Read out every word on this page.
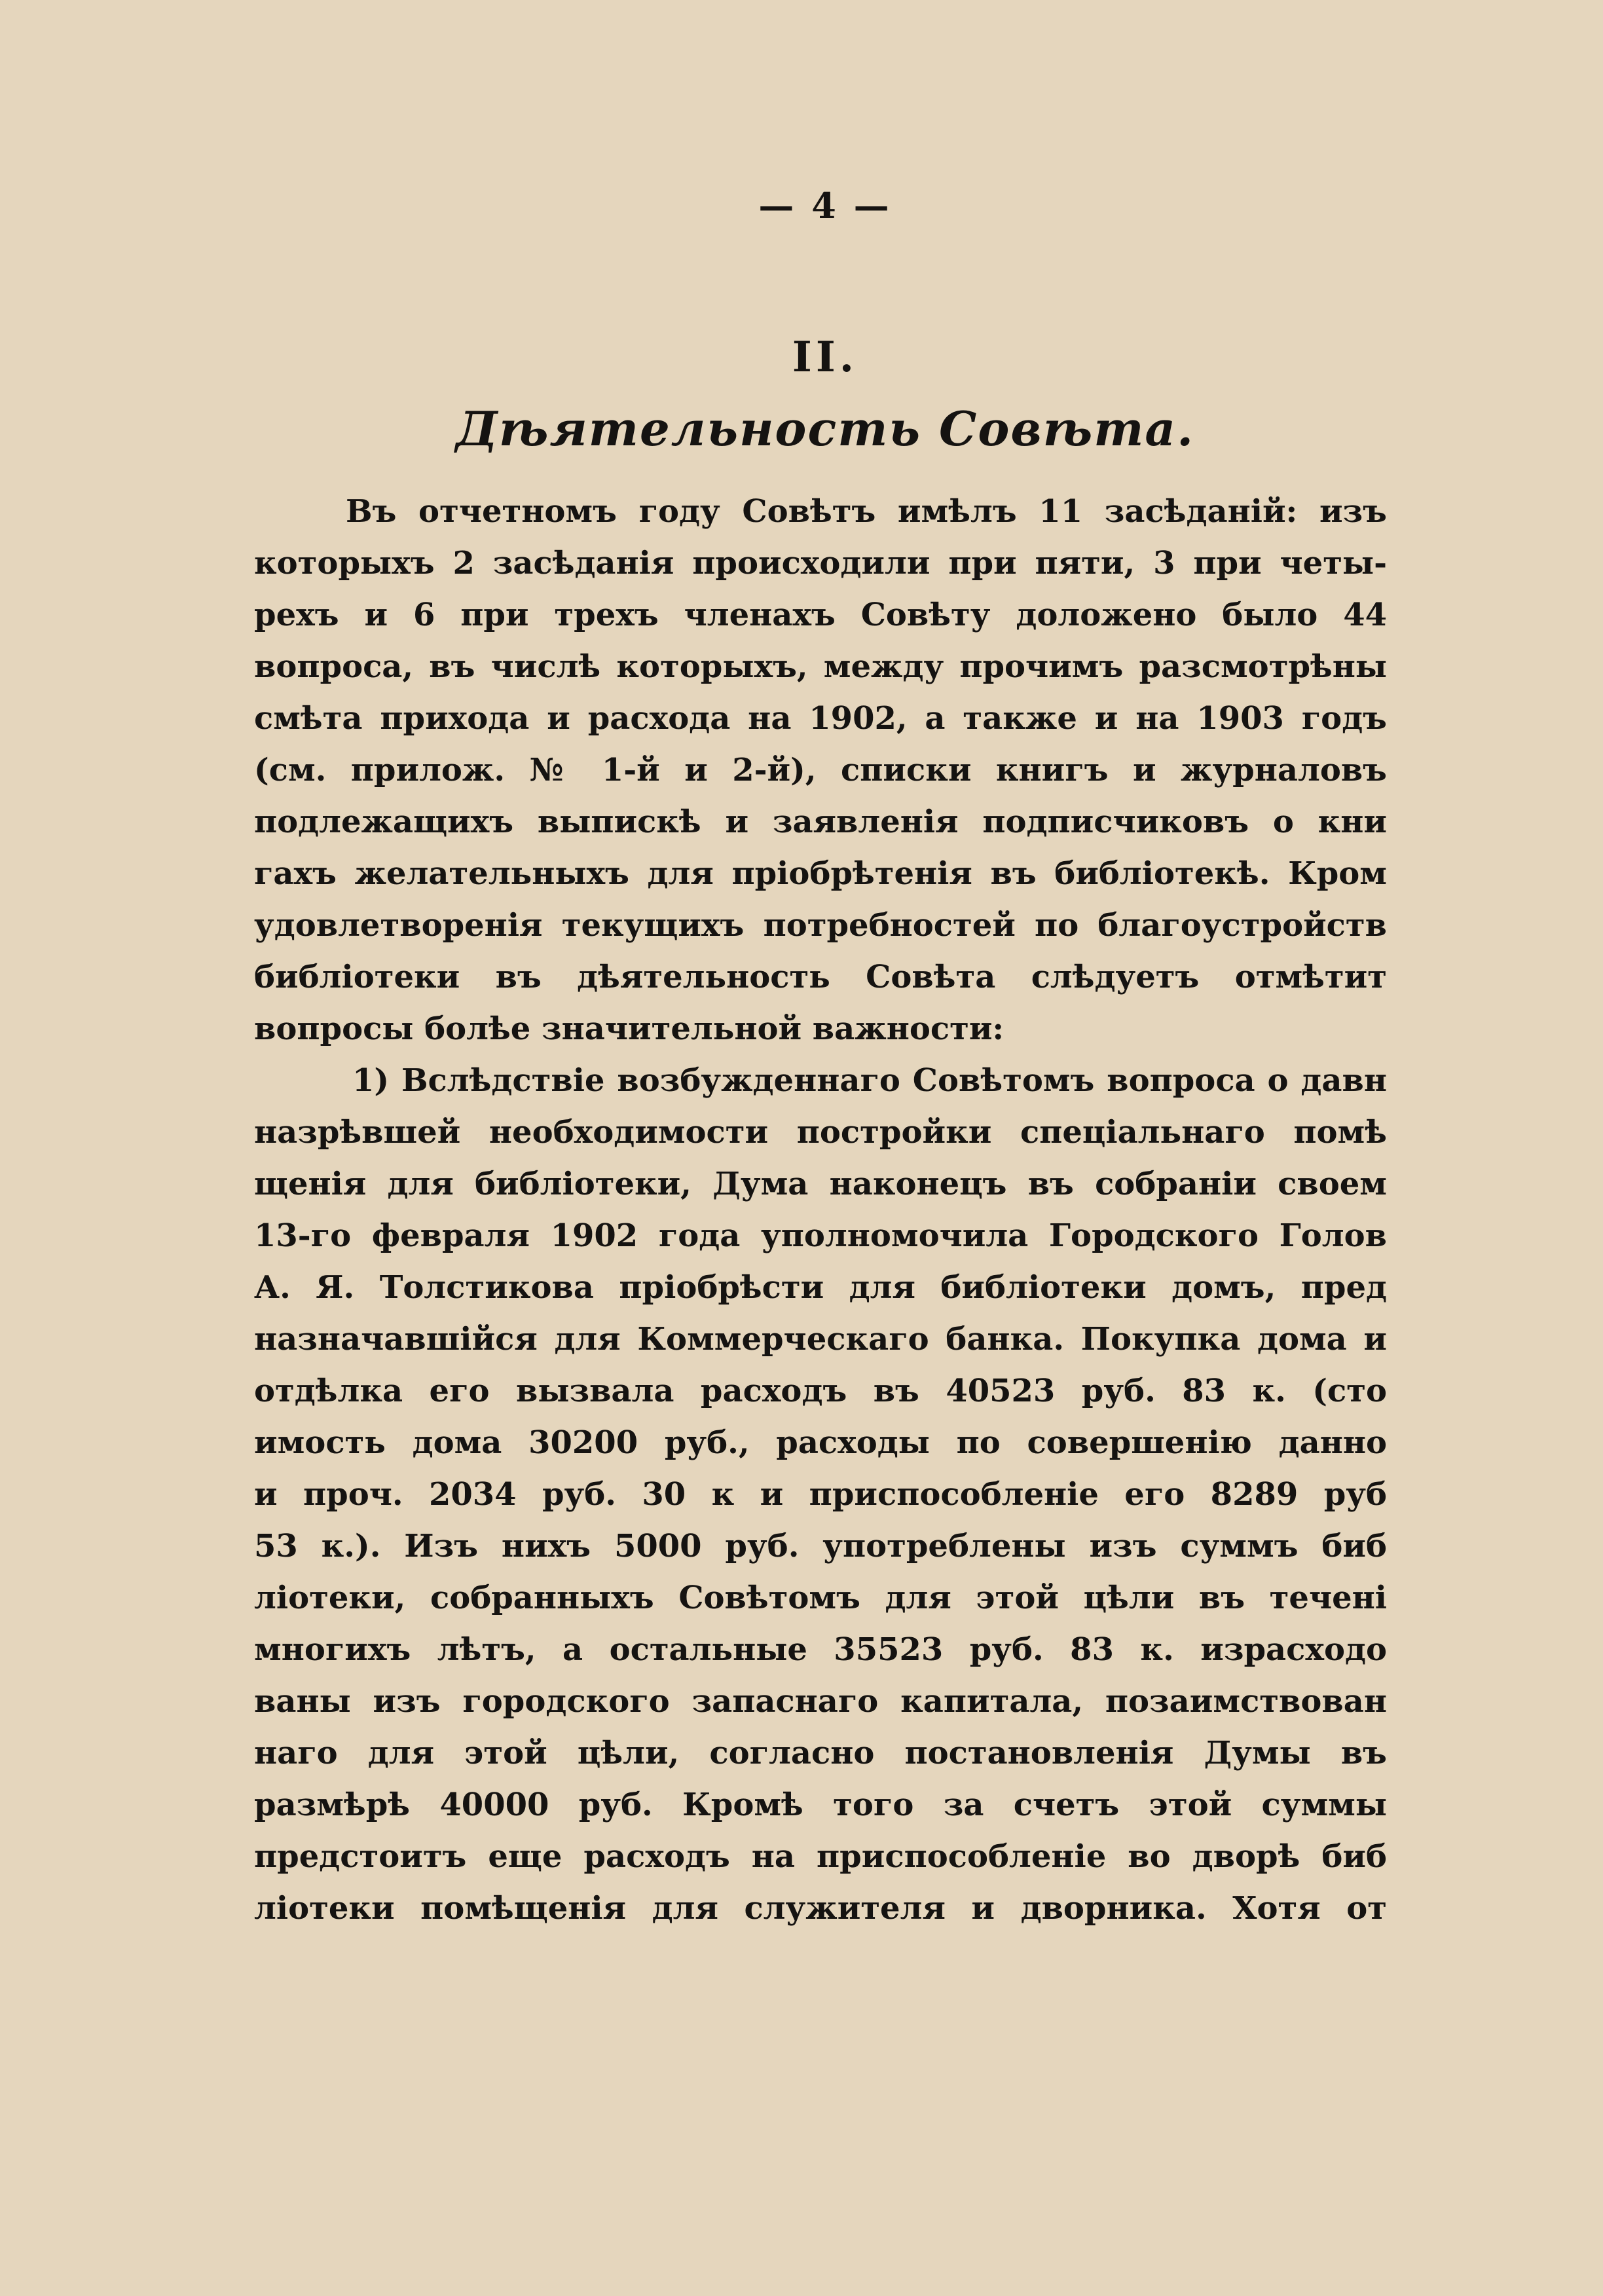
— 4 —
II.
Дѣятельность Совѣта.
Въ отчетномъ году Совѣтъ имѣлъ 11 засѣданій: изъ
которыхъ 2 засѣданія происходили при пяти, 3 при четы-
рехъ и 6 при трехъ членахъ Совѣту доложено было 44
вопроса, въ числѣ которыхъ, между прочимъ разсмотрѣны
смѣта прихода и расхода на 1902, а также и на 1903 годъ
(см. прилож. № 1-й и 2-й), списки книгъ и журналовъ
подлежащихъ выпискѣ и заявленія подписчиковъ о кни
гахъ желательныхъ для пріобрѣтенія въ библіотекѣ. Кром
удовлетворенія текущихъ потребностей по благоустройств
библіотеки въ дѣятельность Совѣта слѣдуетъ отмѣтит
вопросы болѣе значительной важности:
1) Вслѣдствіе возбужденнаго Совѣтомъ вопроса о давн
назрѣвшей необходимости постройки спеціальнаго помѣ
щенія для библіотеки, Дума наконецъ въ собраніи своем
13-го февраля 1902 года уполномочила Городского Голов
А. Я. Толстикова пріобрѣсти для библіотеки домъ, пред
назначавшійся для Коммерческаго банка. Покупка дома и
отдѣлка его вызвала расходъ въ 40523 руб. 83 к. (сто
имость дома 30200 руб., расходы по совершенію данно
и проч. 2034 руб. 30 к и приспособленіе его 8289 руб
53 к.). Изъ нихъ 5000 руб. употреблены изъ суммъ биб
ліотеки, собранныхъ Совѣтомъ для этой цѣли въ теченi
многихъ лѣтъ, а остальные 35523 руб. 83 к. израсходо
ваны изъ городского запаснаго капитала, позаимствован
наго для этой цѣли, согласно постановленія Думы въ
размѣрѣ 40000 руб. Кромѣ того за счетъ этой суммы
предстоитъ еще расходъ на приспособленіе во дворѣ биб
ліотеки помѣщенія для служителя и дворника. Хотя от
